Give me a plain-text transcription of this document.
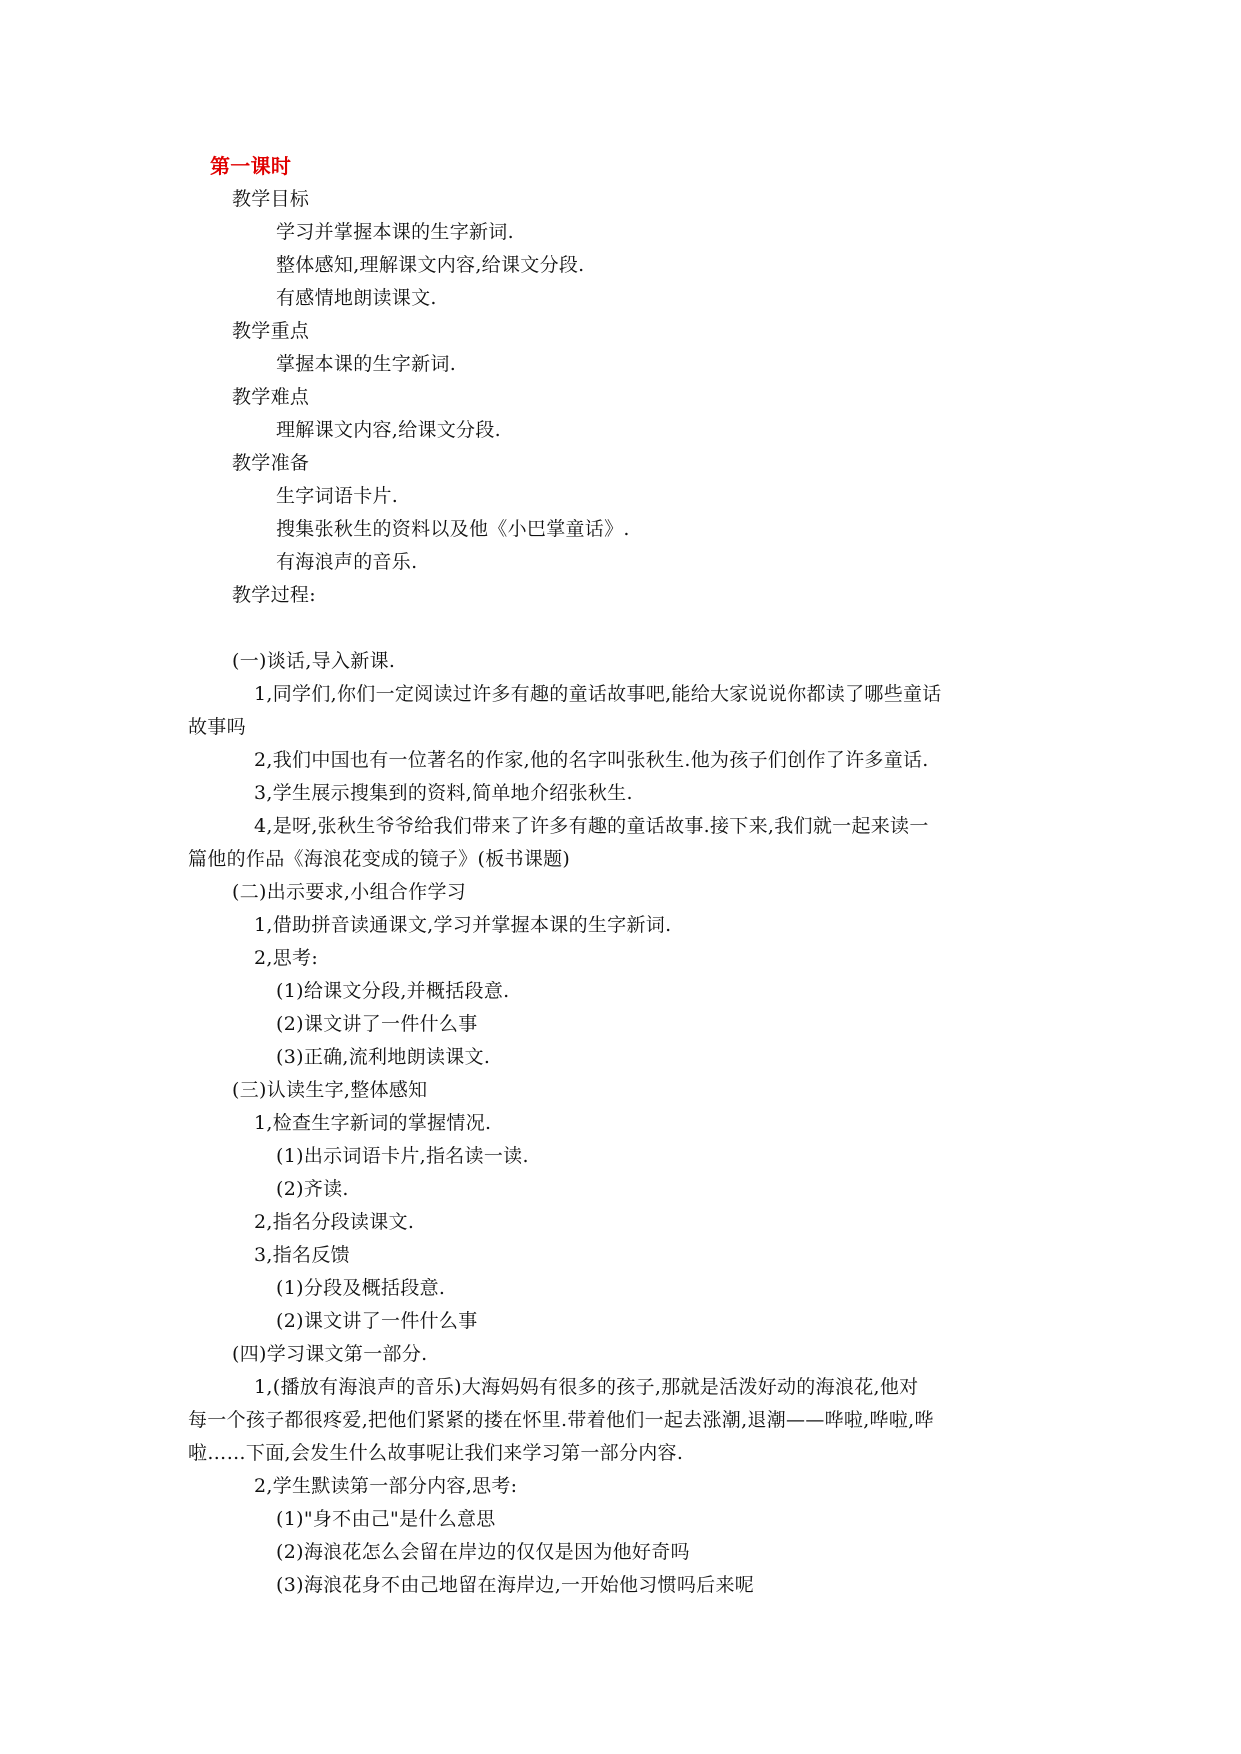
第一课时
教学目标
学习并掌握本课的生字新词.
整体感知,理解课文内容,给课文分段.
有感情地朗读课文.
教学重点
掌握本课的生字新词.
教学难点
理解课文内容,给课文分段.
教学准备
生字词语卡片.
搜集张秋生的资料以及他《小巴掌童话》.
有海浪声的音乐.
教学过程:
(一)谈话,导入新课.
1,同学们,你们一定阅读过许多有趣的童话故事吧,能给大家说说你都读了哪些童话
故事吗
2,我们中国也有一位著名的作家,他的名字叫张秋生.他为孩子们创作了许多童话.
3,学生展示搜集到的资料,简单地介绍张秋生.
4,是呀,张秋生爷爷给我们带来了许多有趣的童话故事.接下来,我们就一起来读一
篇他的作品《海浪花变成的镜子》(板书课题)
(二)出示要求,小组合作学习
1,借助拼音读通课文,学习并掌握本课的生字新词.
2,思考:
(1)给课文分段,并概括段意.
(2)课文讲了一件什么事
(3)正确,流利地朗读课文.
(三)认读生字,整体感知
1,检查生字新词的掌握情况.
(1)出示词语卡片,指名读一读.
(2)齐读.
2,指名分段读课文.
3,指名反馈
(1)分段及概括段意.
(2)课文讲了一件什么事
(四)学习课文第一部分.
1,(播放有海浪声的音乐)大海妈妈有很多的孩子,那就是活泼好动的海浪花,他对
每一个孩子都很疼爱,把他们紧紧的搂在怀里.带着他们一起去涨潮,退潮——哗啦,哗啦,哗
啦……下面,会发生什么故事呢让我们来学习第一部分内容.
2,学生默读第一部分内容,思考:
(1)"身不由己"是什么意思
(2)海浪花怎么会留在岸边的仅仅是因为他好奇吗
(3)海浪花身不由己地留在海岸边,一开始他习惯吗后来呢
